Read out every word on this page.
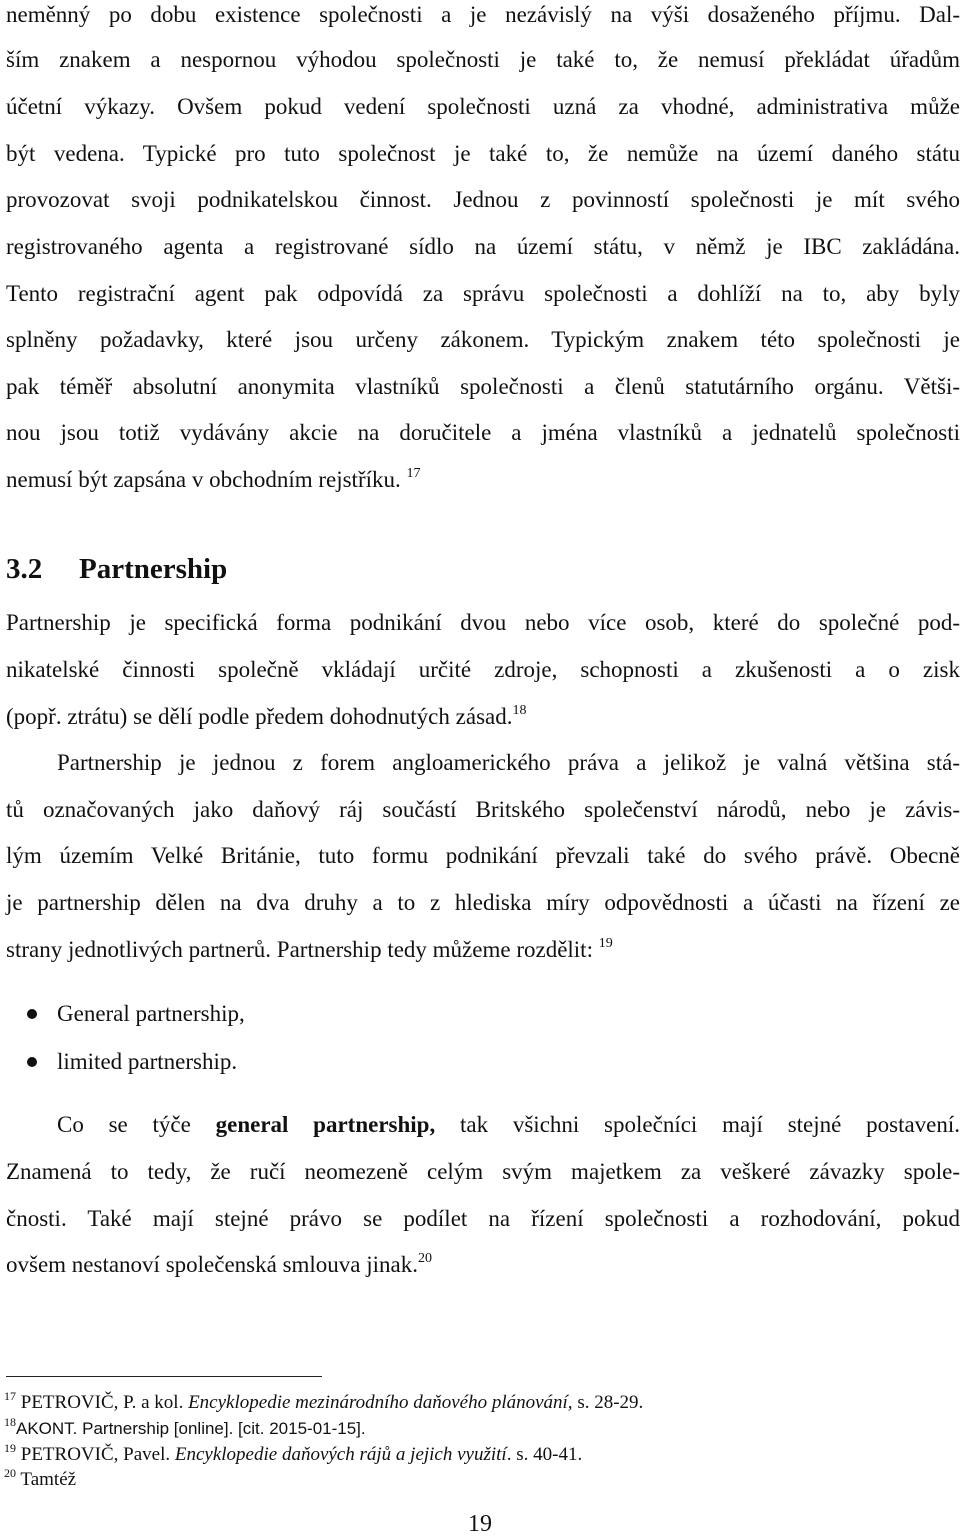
neměnný po dobu existence společnosti a je nezávislý na výši dosaženého příjmu. Dal-
ším znakem a nespornou výhodou společnosti je také to, že nemusí překládat úřadům
účetní výkazy. Ovšem pokud vedení společnosti uzná za vhodné, administrativa může
být vedena. Typické pro tuto společnost je také to, že nemůže na území daného státu
provozovat svoji podnikatelskou činnost. Jednou z povinností společnosti je mít svého
registrovaného agenta a registrované sídlo na území státu, v němž je IBC zakládána.
Tento registrační agent pak odpovídá za správu společnosti a dohlíží na to, aby byly
splněny požadavky, které jsou určeny zákonem. Typickým znakem této společnosti je
pak téměř absolutní anonymita vlastníků společnosti a členů statutárního orgánu. Větši-
nou jsou totiž vydávány akcie na doručitele a jména vlastníků a jednatelů společnosti
nemusí být zapsána v obchodním rejstříku. $^{17}$
3.2 Partnership
Partnership je specifická forma podnikání dvou nebo více osob, které do společné pod-
nikatelské činnosti společně vkládají určité zdroje, schopnosti a zkušenosti a o zisk
(popř. ztrátu) se dělí podle předem dohodnutých zásad.$^{18}$
Partnership je jednou z forem angloamerického práva a jelikož je valná většina stá-
tů označovaných jako daňový ráj součástí Britského společenství národů, nebo je závis-
lým územím Velké Británie, tuto formu podnikání převzali také do svého právě. Obecně
je partnership dělen na dva druhy a to z hlediska míry odpovědnosti a účasti na řízení ze
strany jednotlivých partnerů. Partnership tedy můžeme rozdělit: $^{19}$
General partnership,
limited partnership.
Co se týče general partnership, tak všichni společníci mají stejné postavení.
Znamená to tedy, že ručí neomezeně celým svým majetkem za veškeré závazky spole-
čnosti. Také mají stejné právo se podílet na řízení společnosti a rozhodování, pokud
ovšem nestanoví společenská smlouva jinak.$^{20}$
$^{17}$ PETROVIČ, P. a kol. Encyklopedie mezinárodního daňového plánování, s. 28-29.
$^{18}$AKONT. Partnership [online]. [cit. 2015-01-15].
$^{19}$ PETROVIČ, Pavel. Encyklopedie daňových rájů a jejich využití. s. 40-41.
$^{20}$ Tamtéž
19
